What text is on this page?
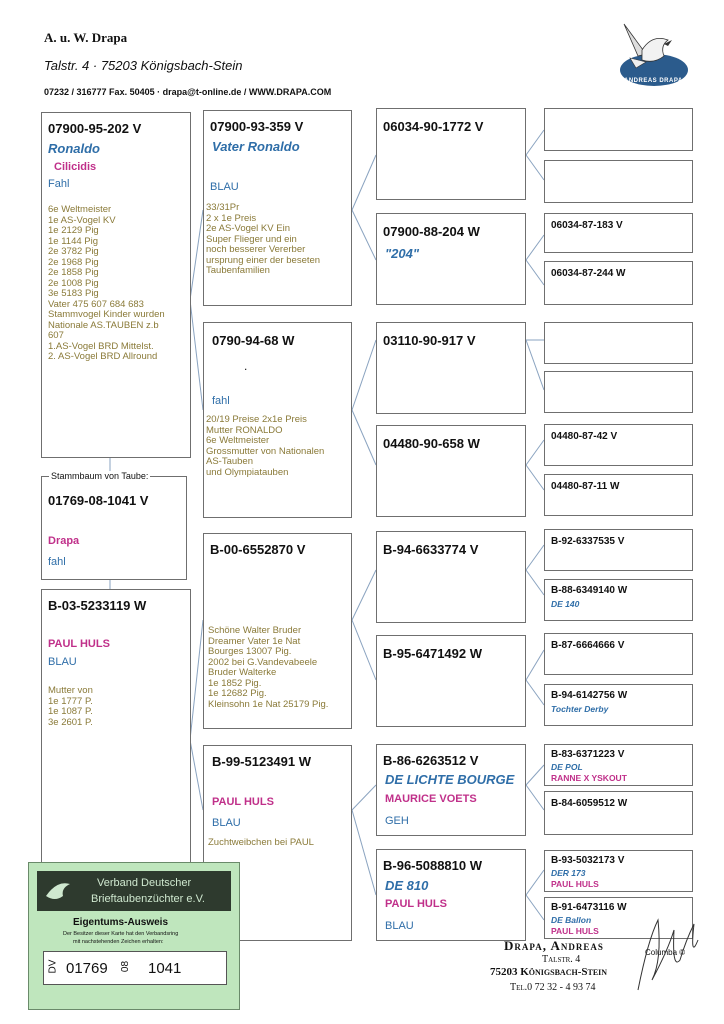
A. u. W. Drapa
Talstr. 4 · 75203 Königsbach-Stein
07232 / 316777 Fax. 50405 · drapa@t-online.de / WWW.DRAPA.COM
ANDREAS DRAPA
07900-95-202 V
Ronaldo
Cilicidis
Fahl
6e Weltmeister
1e AS-Vogel KV
1e 2129 Pig
1e 1144 Pig
2e 3782 Pig
2e 1968 Pig
2e 1858 Pig
2e 1008 Pig
3e 5183 Pig
Vater 475 607 684 683
Stammvogel Kinder wurden
Nationale AS.TAUBEN z.b
607
1.AS-Vogel BRD Mittelst.
2. AS-Vogel BRD Allround
Stammbaum von Taube:
01769-08-1041 V
Drapa
fahl
B-03-5233119 W
PAUL HULS
BLAU
Mutter von
1e 1777 P.
1e 1087 P.
3e 2601 P.
07900-93-359 V
Vater Ronaldo
BLAU
33/31Pr
2 x 1e Preis
2e AS-Vogel KV Ein
Super Flieger und ein
noch besserer Vererber
ursprung einer der beseten
Taubenfamilien
0790-94-68 W
.
fahl
20/19 Preise 2x1e Preis
Mutter RONALDO
6e Weltmeister
Grossmutter von Nationalen
AS-Tauben
und Olympiatauben
B-00-6552870 V
Schöne Walter Bruder
Dreamer Vater 1e Nat
Bourges 13007 Pig.
2002 bei G.Vandevabeele
Bruder Walterke
1e 1852 Pig.
1e 12682 Pig.
Kleinsohn 1e Nat 25179 Pig.
B-99-5123491 W
PAUL HULS
BLAU
Zuchtweibchen bei PAUL
06034-90-1772 V
07900-88-204 W
"204"
03110-90-917 V
04480-90-658 W
B-94-6633774 V
B-95-6471492 W
B-86-6263512 V
DE LICHTE BOURGE
MAURICE VOETS
GEH
B-96-5088810 W
DE 810
PAUL HULS
BLAU
06034-87-183 V
06034-87-244 W
04480-87-42 V
04480-87-11 W
B-92-6337535 V
B-88-6349140 W
DE 140
B-87-6664666 V
B-94-6142756 W
Tochter Derby
B-83-6371223 V
DE POL
RANNE X YSKOUT
B-84-6059512 W
B-93-5032173 V
DER 173
PAUL HULS
B-91-6473116 W
DE Ballon
PAUL HULS
Verband Deutscher
Brieftaubenzüchter e.V.
Eigentums-Ausweis
Der Besitzer dieser Karte hat den Verbandsring
mit nachstehenden Zeichen erhalten:
DV 01769 08 1041
Drapa, Andreas
Talstr. 4
75203 Königsbach-Stein
Tel.0 72 32 - 4 93 74
Columba ©
